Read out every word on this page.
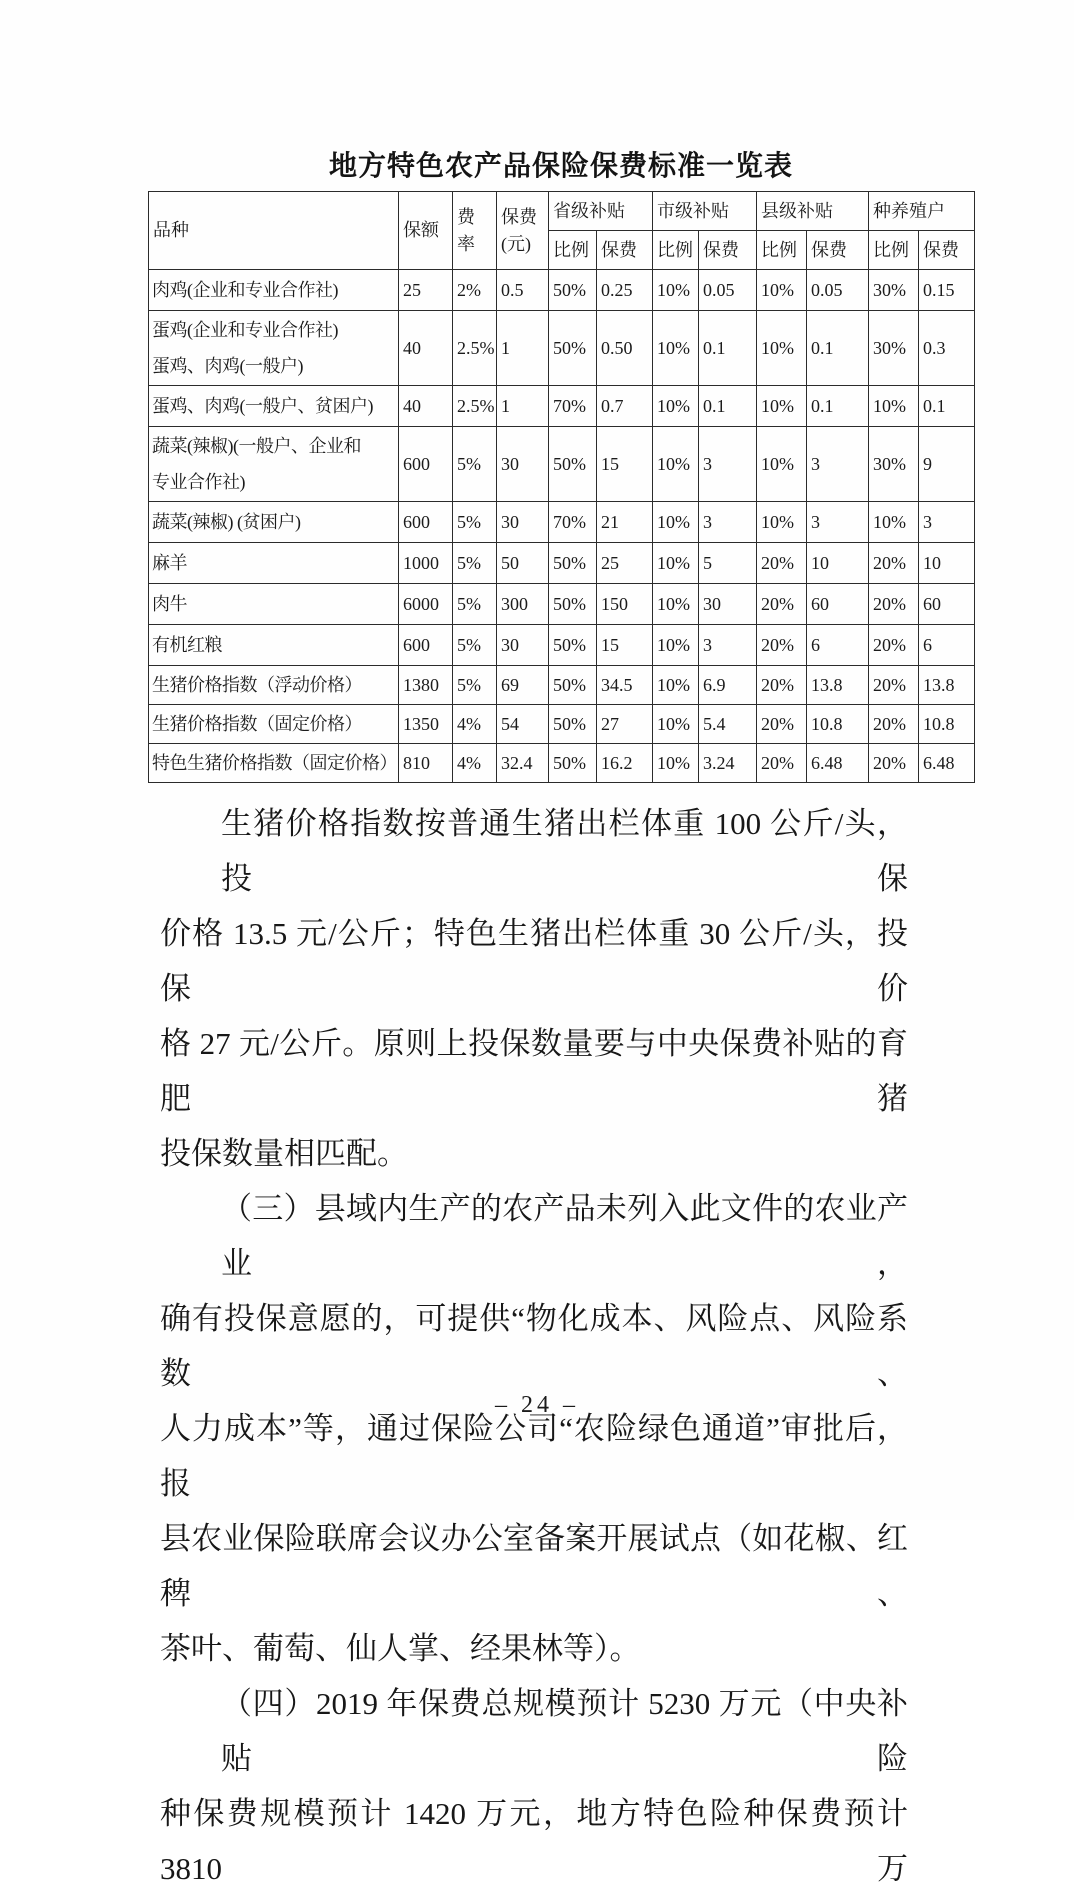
地方特色农产品保险保费标准一览表
品种	保额	费率	保费(元)	省级补贴		市级补贴		县级补贴		种养殖户	
				比例	保费	比例	保费	比例	保费	比例	保费

肉鸡(企业和专业合作社)	25	2%	0.5	50%	0.25	10%	0.05	10%	0.05	30%	0.15

蛋鸡(企业和专业合作社)
蛋鸡、肉鸡(一般户)	40	2.5%	1	50%	0.50	10%	0.1	10%	0.1	30%	0.3

蛋鸡、肉鸡(一般户、贫困户)	40	2.5%	1	70%	0.7	10%	0.1	10%	0.1	10%	0.1

蔬菜(辣椒)(一般户、企业和
专业合作社)	600	5%	30	50%	15	10%	3	10%	3	30%	9

蔬菜(辣椒) (贫困户)	600	5%	30	70%	21	10%	3	10%	3	10%	3

麻羊	1000	5%	50	50%	25	10%	5	20%	10	20%	10

肉牛	6000	5%	300	50%	150	10%	30	20%	60	20%	60

有机红粮	600	5%	30	50%	15	10%	3	20%	6	20%	6

生猪价格指数（浮动价格）	1380	5%	69	50%	34.5	10%	6.9	20%	13.8	20%	13.8

生猪价格指数（固定价格）	1350	4%	54	50%	27	10%	5.4	20%	10.8	20%	10.8

特色生猪价格指数（固定价格）	810	4%	32.4	50%	16.2	10%	3.24	20%	6.48	20%	6.48
生猪价格指数按普通生猪出栏体重 100 公斤/头，投保
价格 13.5 元/公斤；特色生猪出栏体重 30 公斤/头，投保价
格 27 元/公斤。原则上投保数量要与中央保费补贴的育肥猪
投保数量相匹配。
（三）县域内生产的农产品未列入此文件的农业产业，
确有投保意愿的，可提供“物化成本、风险点、风险系数、
人力成本”等，通过保险公司“农险绿色通道”审批后，报
县农业保险联席会议办公室备案开展试点（如花椒、红稗、
茶叶、葡萄、仙人掌、经果林等）。
（四）2019 年保费总规模预计 5230 万元（中央补贴险
种保费规模预计 1420 万元，地方特色险种保费预计 3810 万
– 24 –
